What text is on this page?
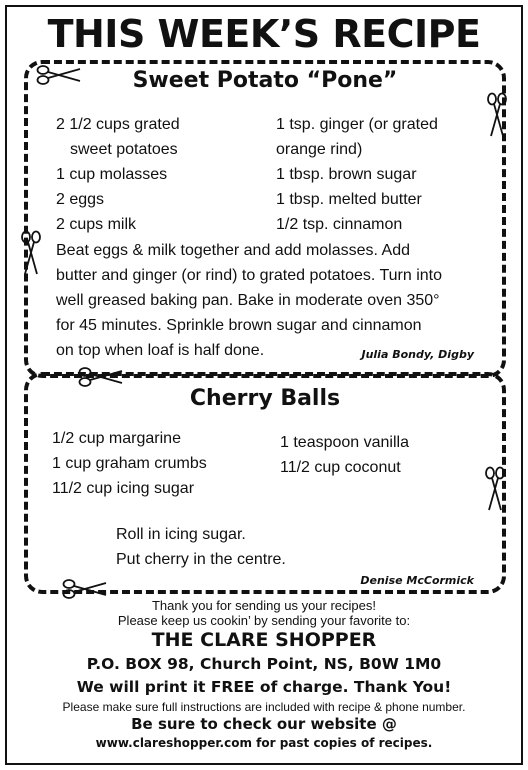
THIS WEEK’S RECIPE
Sweet Potato “Pone”
2 1/2 cups grated
sweet potatoes
1 cup molasses
2 eggs
2 cups milk
1 tsp. ginger (or grated
orange rind)
1 tbsp. brown sugar
1 tbsp. melted butter
1/2 tsp. cinnamon
Beat eggs & milk together and add molasses. Add
butter and ginger (or rind) to grated potatoes. Turn into
well greased baking pan. Bake in moderate oven 350°
for 45 minutes. Sprinkle brown sugar and cinnamon
on top when loaf is half done.	Julia Bondy, Digby
Cherry Balls
1/2 cup margarine
1 cup graham crumbs
11/2 cup icing sugar
1 teaspoon vanilla
11/2 cup coconut
Roll in icing sugar.
Put cherry in the centre.
Denise McCormick
Thank you for sending us your recipes!
Please keep us cookin’ by sending your favorite to:
THE CLARE SHOPPER
P.O. BOX 98, Church Point, NS, B0W 1M0
We will print it FREE of charge. Thank You!
Please make sure full instructions are included with recipe & phone number.
Be sure to check our website @
www.clareshopper.com for past copies of recipes.
